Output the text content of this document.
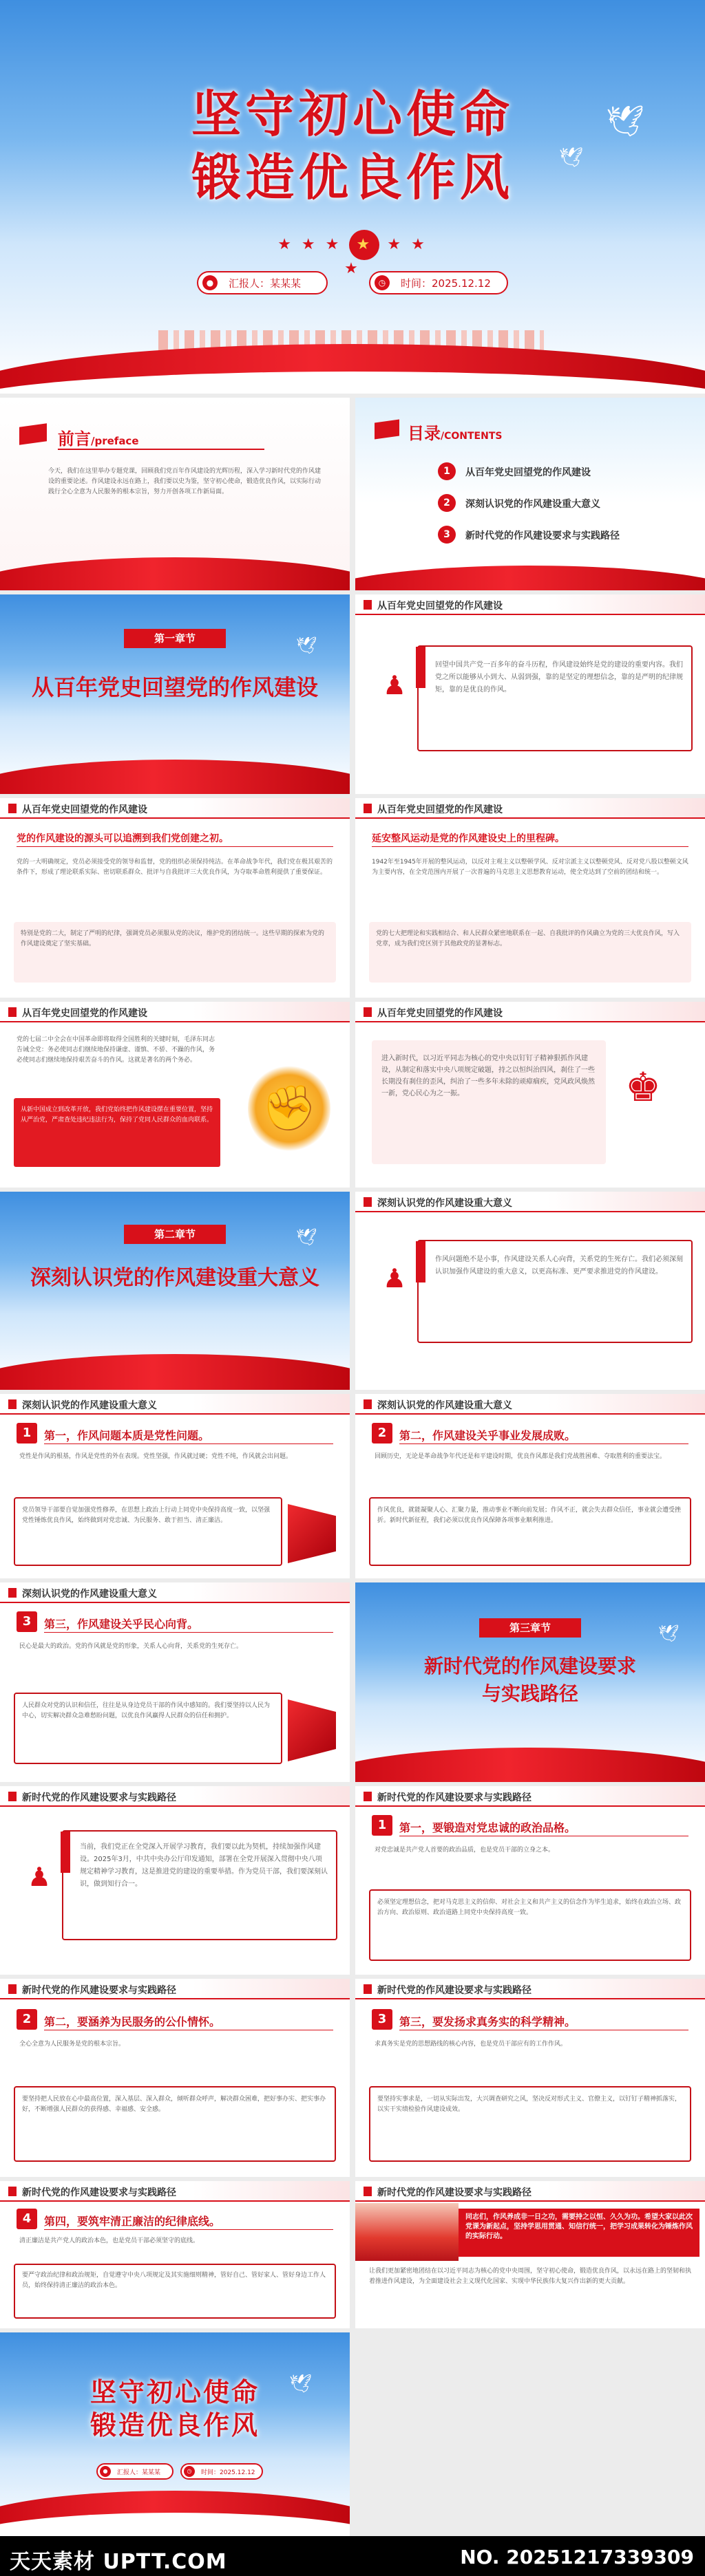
🕊
🕊
坚守初心使命
锻造优良作风
★ ★ ★ ★ ★ ★ ★
●	汇报人：某某某	◷	时间：2025.12.12
前言/preface
今天，我们在这里举办专题党课，回顾我们党百年作风建设的光辉历程，深入学习新时代党的作风建设的重要论述。作风建设永远在路上，我们要以史为鉴，坚守初心使命，锻造优良作风，以实际行动践行全心全意为人民服务的根本宗旨，努力开创各项工作新局面。
目录/CONTENTS
1	从百年党史回望党的作风建设
2	深刻认识党的作风建设重大意义
3	新时代党的作风建设要求与实践路径
第一章节
从百年党史回望党的作风建设
🕊
从百年党史回望党的作风建设
♟
回望中国共产党一百多年的奋斗历程，作风建设始终是党的建设的重要内容。我们党之所以能够从小到大、从弱到强，靠的是坚定的理想信念，靠的是严明的纪律规矩，靠的是优良的作风。
从百年党史回望党的作风建设
党的作风建设的源头可以追溯到我们党创建之初。
党的一大明确规定，党员必须接受党的领导和监督，党的组织必须保持纯洁。在革命战争年代，我们党在极其艰苦的条件下，形成了理论联系实际、密切联系群众、批评与自我批评三大优良作风，为夺取革命胜利提供了重要保证。
特别是党的二大，制定了严明的纪律，强调党员必须服从党的决议，维护党的团结统一。这些早期的探索为党的作风建设奠定了坚实基础。
从百年党史回望党的作风建设
延安整风运动是党的作风建设史上的里程碑。
1942年至1945年开展的整风运动，以反对主观主义以整顿学风、反对宗派主义以整顿党风、反对党八股以整顿文风为主要内容，在全党范围内开展了一次普遍的马克思主义思想教育运动，使全党达到了空前的团结和统一。
党的七大把理论和实践相结合、和人民群众紧密地联系在一起、自我批评的作风确立为党的三大优良作风，写入党章，成为我们党区别于其他政党的显著标志。
从百年党史回望党的作风建设
党的七届二中全会在中国革命即将取得全国胜利的关键时刻，毛泽东同志告诫全党：务必使同志们继续地保持谦虚、谨慎、不骄、不躁的作风，务必使同志们继续地保持艰苦奋斗的作风。这就是著名的两个务必。
从新中国成立到改革开放，我们党始终把作风建设摆在重要位置，坚持从严治党，严肃查处违纪违法行为，保持了党同人民群众的血肉联系。	✊
从百年党史回望党的作风建设
进入新时代，以习近平同志为核心的党中央以钉钉子精神狠抓作风建设，从制定和落实中央八项规定破题，持之以恒纠治四风，刹住了一些长期没有刹住的歪风，纠治了一些多年未除的顽瘴痼疾，党风政风焕然一新，党心民心为之一振。	♚
第二章节
深刻认识党的作风建设重大意义
🕊
深刻认识党的作风建设重大意义
♟
作风问题绝不是小事，作风建设关系人心向背，关系党的生死存亡。我们必须深刻认识加强作风建设的重大意义，以更高标准、更严要求推进党的作风建设。
深刻认识党的作风建设重大意义
1	第一，作风问题本质是党性问题。
党性是作风的根基，作风是党性的外在表现。党性坚强，作风就过硬；党性不纯，作风就会出问题。
党员领导干部要自觉加强党性修养，在思想上政治上行动上同党中央保持高度一致，以坚强党性锤炼优良作风，始终做到对党忠诚、为民服务、敢于担当、清正廉洁。
深刻认识党的作风建设重大意义
2	第二，作风建设关乎事业发展成败。
回顾历史，无论是革命战争年代还是和平建设时期，优良作风都是我们党战胜困难、夺取胜利的重要法宝。
作风优良，就能凝聚人心、汇聚力量，推动事业不断向前发展；作风不正，就会失去群众信任，事业就会遭受挫折。新时代新征程，我们必须以优良作风保障各项事业顺利推进。
深刻认识党的作风建设重大意义
3	第三，作风建设关乎民心向背。
民心是最大的政治。党的作风就是党的形象，关系人心向背，关系党的生死存亡。
人民群众对党的认识和信任，往往是从身边党员干部的作风中感知的。我们要坚持以人民为中心，切实解决群众急难愁盼问题，以优良作风赢得人民群众的信任和拥护。
第三章节
新时代党的作风建设要求
与实践路径
🕊
新时代党的作风建设要求与实践路径
♟
当前，我们党正在全党深入开展学习教育，我们要以此为契机，持续加强作风建设。2025年3月，中共中央办公厅印发通知，部署在全党开展深入贯彻中央八项规定精神学习教育，这是推进党的建设的重要举措。作为党员干部，我们要深刻认识，做到知行合一。
新时代党的作风建设要求与实践路径
1	第一，要锻造对党忠诚的政治品格。
对党忠诚是共产党人首要的政治品质，也是党员干部的立身之本。
必须坚定理想信念，把对马克思主义的信仰、对社会主义和共产主义的信念作为毕生追求，始终在政治立场、政治方向、政治原则、政治道路上同党中央保持高度一致。
新时代党的作风建设要求与实践路径
2	第二，要涵养为民服务的公仆情怀。
全心全意为人民服务是党的根本宗旨。
要坚持把人民放在心中最高位置，深入基层、深入群众，倾听群众呼声，解决群众困难，把好事办实、把实事办好，不断增强人民群众的获得感、幸福感、安全感。
新时代党的作风建设要求与实践路径
3	第三，要发扬求真务实的科学精神。
求真务实是党的思想路线的核心内容，也是党员干部应有的工作作风。
要坚持实事求是，一切从实际出发，大兴调查研究之风，坚决反对形式主义、官僚主义，以钉钉子精神抓落实，以实干实绩检验作风建设成效。
新时代党的作风建设要求与实践路径
4	第四，要筑牢清正廉洁的纪律底线。
清正廉洁是共产党人的政治本色，也是党员干部必须坚守的底线。
要严守政治纪律和政治规矩，自觉遵守中央八项规定及其实施细则精神，管好自己、管好家人、管好身边工作人员，始终保持清正廉洁的政治本色。
新时代党的作风建设要求与实践路径
同志们，作风养成非一日之功，需要持之以恒、久久为功。希望大家以此次党课为新起点，坚持学思用贯通、知信行统一，把学习成果转化为锤炼作风的实际行动。
让我们更加紧密地团结在以习近平同志为核心的党中央周围，坚守初心使命，锻造优良作风，以永远在路上的坚韧和执着推进作风建设，为全面建设社会主义现代化国家、实现中华民族伟大复兴作出新的更大贡献。
🕊
坚守初心使命
锻造优良作风
●	汇报人：某某某	◷	时间：2025.12.12
天天素材 UPTT.COM	NO. 20251217339309
